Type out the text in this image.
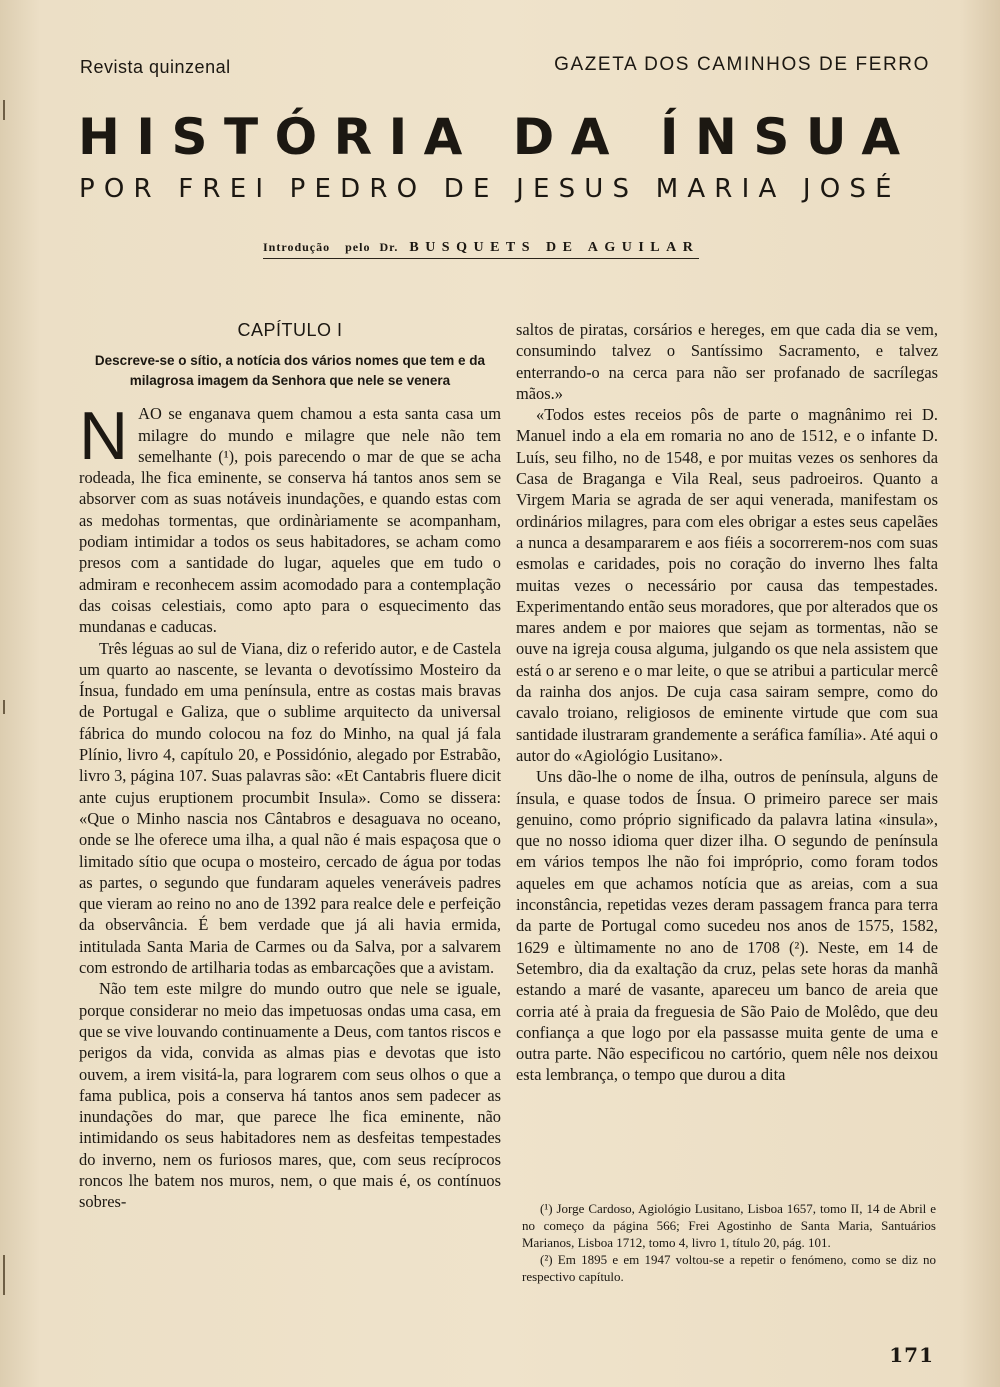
Revista quinzenal	GAZETA DOS CAMINHOS DE FERRO
HISTÓRIA DA ÍNSUA
POR FREI PEDRO DE JESUS MARIA JOSÉ
Introdução pelo Dr. BUSQUETS DE AGUILAR
CAPÍTULO I
Descreve-se o sítio, a notícia dos vários nomes que tem e da milagrosa imagem da Senhora que nele se venera

NAO se enganava quem chamou a esta santa casa um milagre do mundo e milagre que nele não tem semelhante (¹), pois parecendo o mar de que se acha rodeada, lhe fica eminente, se conserva há tantos anos sem se absorver com as suas notáveis inundações, e quando estas com as medohas tormentas, que ordinàriamente se acompanham, podiam intimidar a todos os seus habitadores, se acham como presos com a santidade do lugar, aqueles que em tudo o admiram e reconhecem assim acomodado para a contemplação das coisas celestiais, como apto para o esquecimento das mundanas e caducas.

Três léguas ao sul de Viana, diz o referido autor, e de Castela um quarto ao nascente, se levanta o devotíssimo Mosteiro da Ínsua, fundado em uma península, entre as costas mais bravas de Portugal e Galiza, que o sublime arquitecto da universal fábrica do mundo colocou na foz do Minho, na qual já fala Plínio, livro 4, capítulo 20, e Possidónio, alegado por Estrabão, livro 3, página 107. Suas palavras são: «Et Cantabris fluere dicit ante cujus eruptionem procumbit Insula». Como se dissera: «Que o Minho nascia nos Cântabros e desaguava no oceano, onde se lhe oferece uma ilha, a qual não é mais espaçosa que o limitado sítio que ocupa o mosteiro, cercado de água por todas as partes, o segundo que fundaram aqueles veneráveis padres que vieram ao reino no ano de 1392 para realce dele e perfeição da observância. É bem verdade que já ali havia ermida, intitulada Santa Maria de Carmes ou da Salva, por a salvarem com estrondo de artilharia todas as embarcações que a avistam.

Não tem este milgre do mundo outro que nele se iguale, porque considerar no meio das impetuosas ondas uma casa, em que se vive louvando continuamente a Deus, com tantos riscos e perigos da vida, convida as almas pias e devotas que isto ouvem, a irem visitá-la, para lograrem com seus olhos o que a fama publica, pois a conserva há tantos anos sem padecer as inundações do mar, que parece lhe fica eminente, não intimidando os seus habitadores nem as desfeitas tempestades do inverno, nem os furiosos mares, que, com seus recíprocos roncos lhe batem nos muros, nem, o que mais é, os contínuos sobres-

saltos de piratas, corsários e hereges, em que cada dia se vem, consumindo talvez o Santíssimo Sacramento, e talvez enterrando-o na cerca para não ser profanado de sacrílegas mãos.»

«Todos estes receios pôs de parte o magnânimo rei D. Manuel indo a ela em romaria no ano de 1512, e o infante D. Luís, seu filho, no de 1548, e por muitas vezes os senhores da Casa de Braganga e Vila Real, seus padroeiros. Quanto a Virgem Maria se agrada de ser aqui venerada, manifestam os ordinários milagres, para com eles obrigar a estes seus capelães a nunca a desampararem e aos fiéis a socorrerem-nos com suas esmolas e caridades, pois no coração do inverno lhes falta muitas vezes o necessário por causa das tempestades. Experimentando então seus moradores, que por alterados que os mares andem e por maiores que sejam as tormentas, não se ouve na igreja cousa alguma, julgando os que nela assistem que está o ar sereno e o mar leite, o que se atribui a particular mercê da rainha dos anjos. De cuja casa sairam sempre, como do cavalo troiano, religiosos de eminente virtude que com sua santidade ilustraram grandemente a seráfica família». Até aqui o autor do «Agiológio Lusitano».

Uns dão-lhe o nome de ilha, outros de península, alguns de ínsula, e quase todos de Ínsua. O primeiro parece ser mais genuino, como próprio significado da palavra latina «insula», que no nosso idioma quer dizer ilha. O segundo de península em vários tempos lhe não foi impróprio, como foram todos aqueles em que achamos notícia que as areias, com a sua inconstância, repetidas vezes deram passagem franca para terra da parte de Portugal como sucedeu nos anos de 1575, 1582, 1629 e ùltimamente no ano de 1708 (²). Neste, em 14 de Setembro, dia da exaltação da cruz, pelas sete horas da manhã estando a maré de vasante, apareceu um banco de areia que corria até à praia da freguesia de São Paio de Molêdo, que deu confiança a que logo por ela passasse muita gente de uma e outra parte. Não especificou no cartório, quem nêle nos deixou esta lembrança, o tempo que durou a dita

(¹) Jorge Cardoso, Agiológio Lusitano, Lisboa 1657, tomo II, 14 de Abril e no começo da página 566; Frei Agostinho de Santa Maria, Santuários Marianos, Lisboa 1712, tomo 4, livro 1, título 20, pág. 101.

(²) Em 1895 e em 1947 voltou-se a repetir o fenómeno, como se diz no respectivo capítulo.

171
